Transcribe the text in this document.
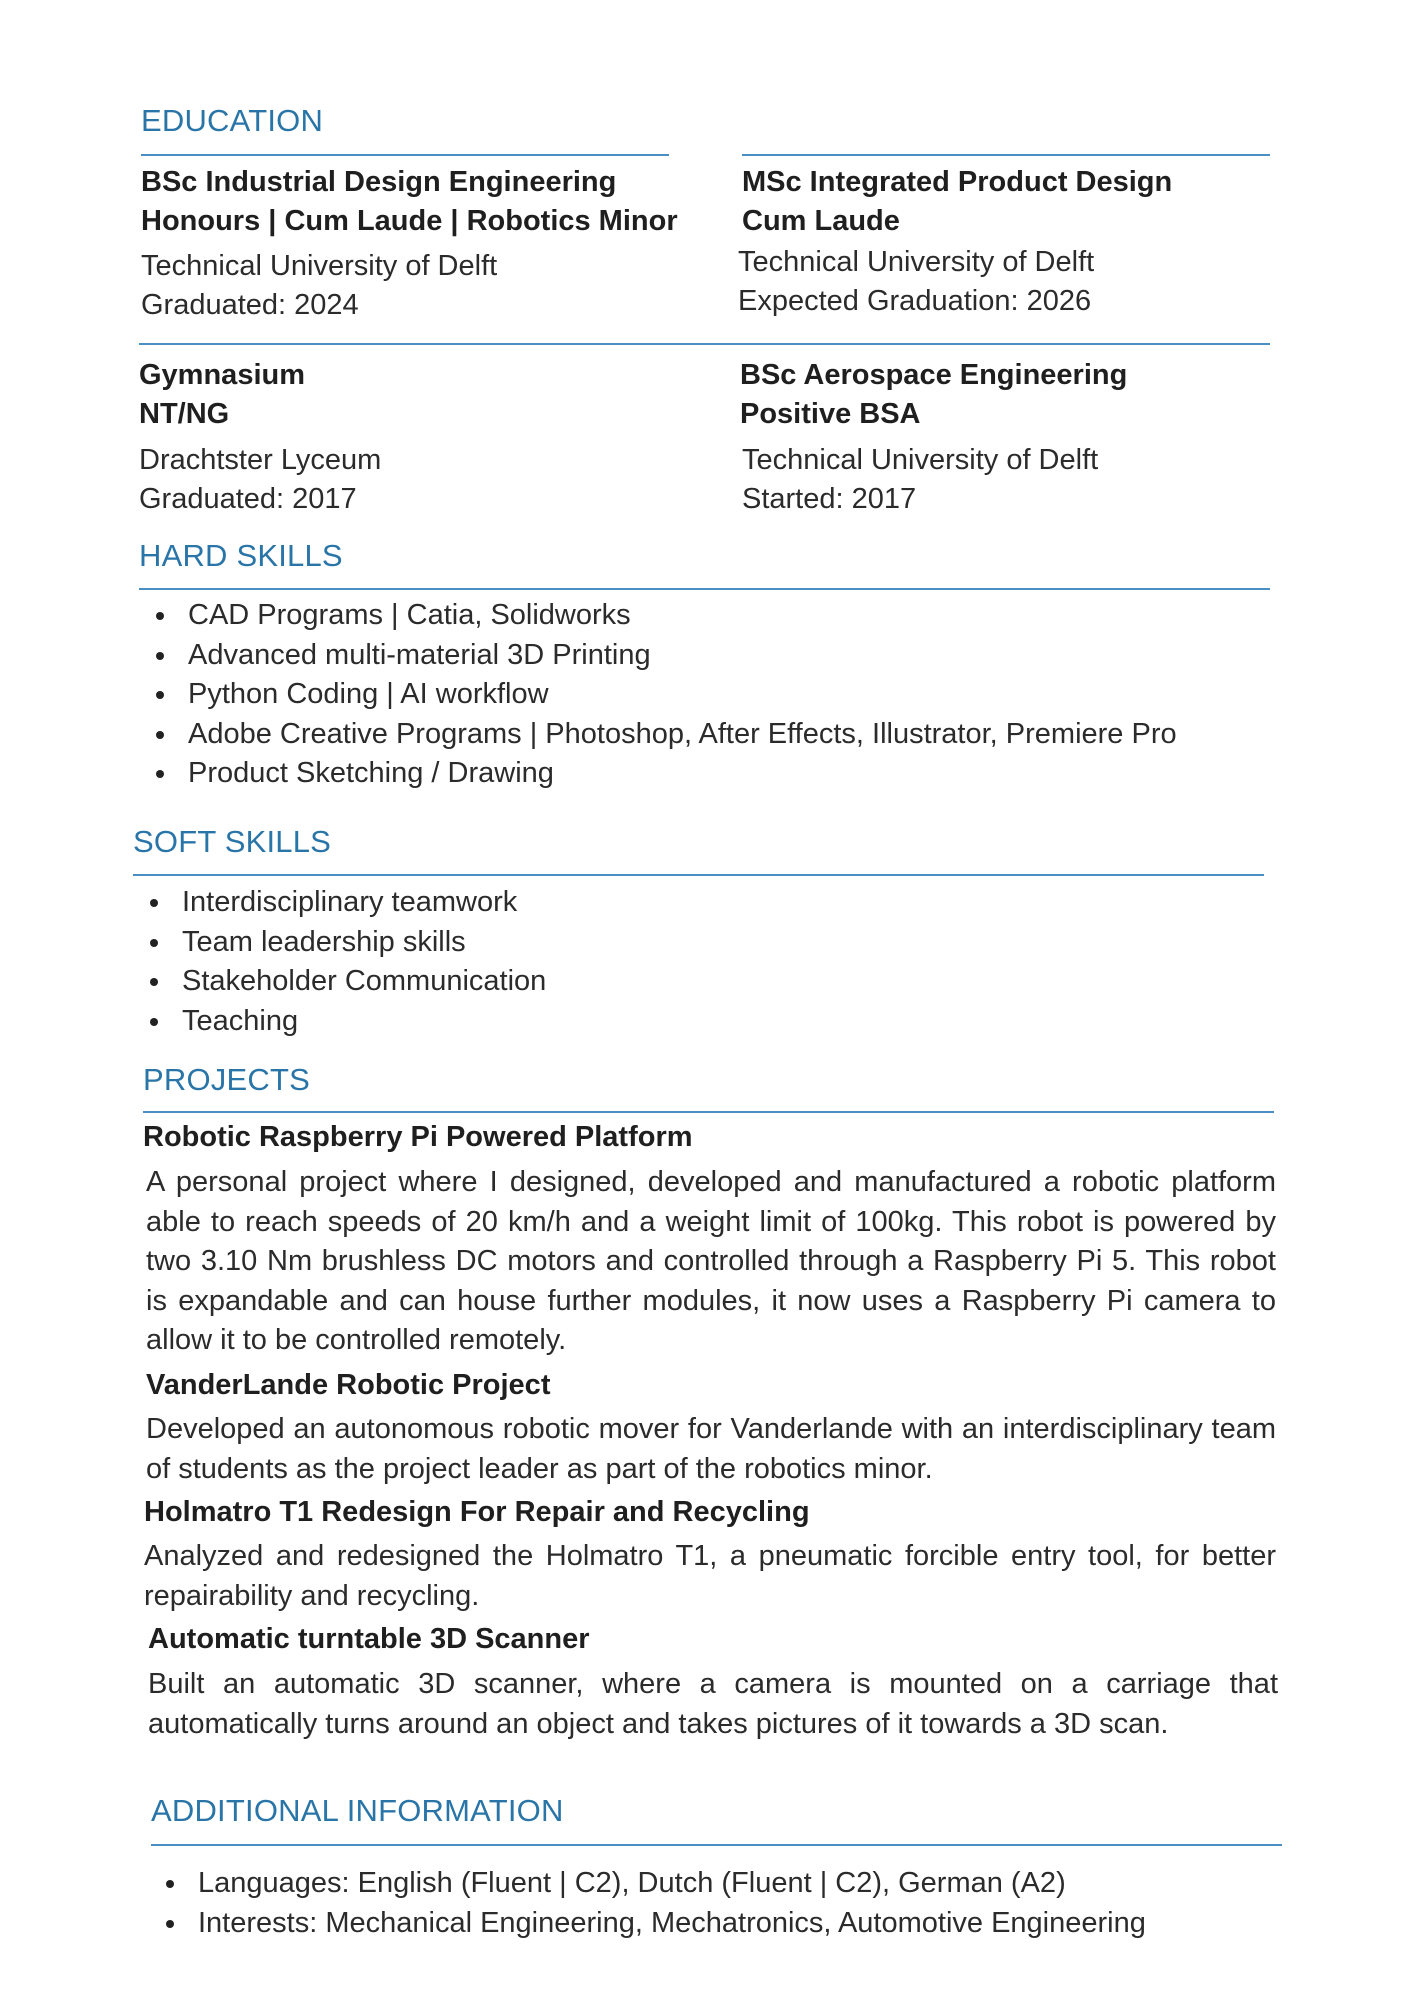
EDUCATION
BSc Industrial Design Engineering
Honours | Cum Laude | Robotics Minor
Technical University of Delft
Graduated: 2024
MSc Integrated Product Design
Cum Laude
Technical University of Delft
Expected Graduation: 2026
Gymnasium
NT/NG
Drachtster Lyceum
Graduated: 2017
BSc Aerospace Engineering
Positive BSA
Technical University of Delft
Started: 2017
HARD SKILLS
CAD Programs | Catia, Solidworks
Advanced multi-material 3D Printing
Python Coding | AI workflow
Adobe Creative Programs | Photoshop, After Effects, Illustrator, Premiere Pro
Product Sketching / Drawing
SOFT SKILLS
Interdisciplinary teamwork
Team leadership skills
Stakeholder Communication
Teaching
PROJECTS
Robotic Raspberry Pi Powered Platform

A personal project where I designed, developed and manufactured a robotic platform able to reach speeds of 20 km/h and a weight limit of 100kg. This robot is powered by two 3.10 Nm brushless DC motors and controlled through a Raspberry Pi 5. This robot is expandable and can house further modules, it now uses a Raspberry Pi camera to allow it to be controlled remotely.

VanderLande Robotic Project

Developed an autonomous robotic mover for Vanderlande with an interdisciplinary team of students as the project leader as part of the robotics minor.

Holmatro T1 Redesign For Repair and Recycling

Analyzed and redesigned the Holmatro T1, a pneumatic forcible entry tool, for better repairability and recycling.

Automatic turntable 3D Scanner

Built an automatic 3D scanner, where a camera is mounted on a carriage that automatically turns around an object and takes pictures of it towards a 3D scan.

ADDITIONAL INFORMATION
Languages: English (Fluent | C2), Dutch (Fluent | C2), German (A2)
Interests: Mechanical Engineering, Mechatronics, Automotive Engineering
